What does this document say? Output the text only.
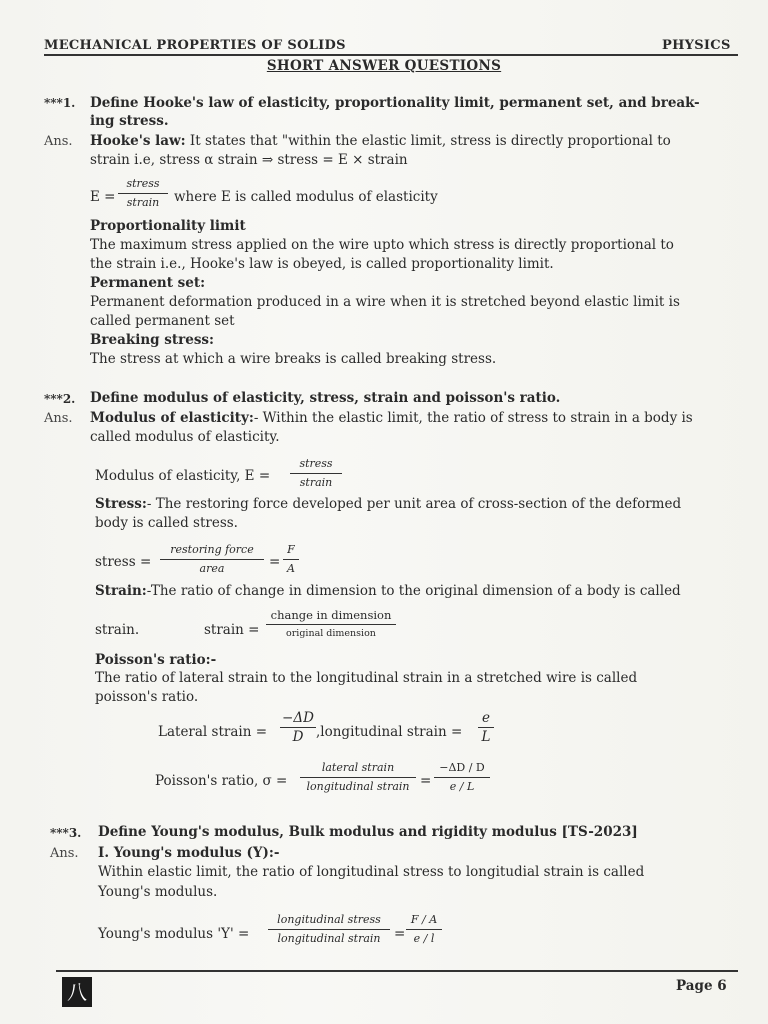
MECHANICAL PROPERTIES OF SOLIDS	PHYSICS
SHORT ANSWER QUESTIONS
***1. Define Hooke's law of elasticity, proportionality limit, permanent set, and break-
ing stress.
Ans. Hooke's law: It states that "within the elastic limit, stress is directly proportional to
strain i.e, stress α strain ⇒ stress = E × strain
E =
stress
strain	where E is called modulus of elasticity
Proportionality limit
The maximum stress applied on the wire upto which stress is directly proportional to
the strain i.e., Hooke's law is obeyed, is called proportionality limit.
Permanent set:
Permanent deformation produced in a wire when it is stretched beyond elastic limit is
called permanent set
Breaking stress:
The stress at which a wire breaks is called breaking stress.
***2. Define modulus of elasticity, stress, strain and poisson's ratio.
Ans. Modulus of elasticity:- Within the elastic limit, the ratio of stress to strain in a body is
called modulus of elasticity.
Modulus of elasticity, E =
stress
strain
Stress:- The restoring force developed per unit area of cross-section of the deformed
body is called stress.
stress =
restoring force
area	=
F
A
Strain:-The ratio of change in dimension to the original dimension of a body is called
strain.	strain =
change in dimension
original dimension
Poisson's ratio:-
The ratio of lateral strain to the longitudinal strain in a stretched wire is called
poisson's ratio.
Lateral strain =
−ΔD
D ,longitudinal strain =
e
L
Poisson's ratio, σ =
lateral strain
longitudinal strain =
−ΔD / D
e / L
***3. Define Young's modulus, Bulk modulus and rigidity modulus [TS-2023]
Ans. I. Young's modulus (Y):-
Within elastic limit, the ratio of longitudinal stress to longitudial strain is called
Young's modulus.
Young's modulus 'Y' =
longitudinal stress
longitudinal strain	=
F / A
e / l
八	Page 6
